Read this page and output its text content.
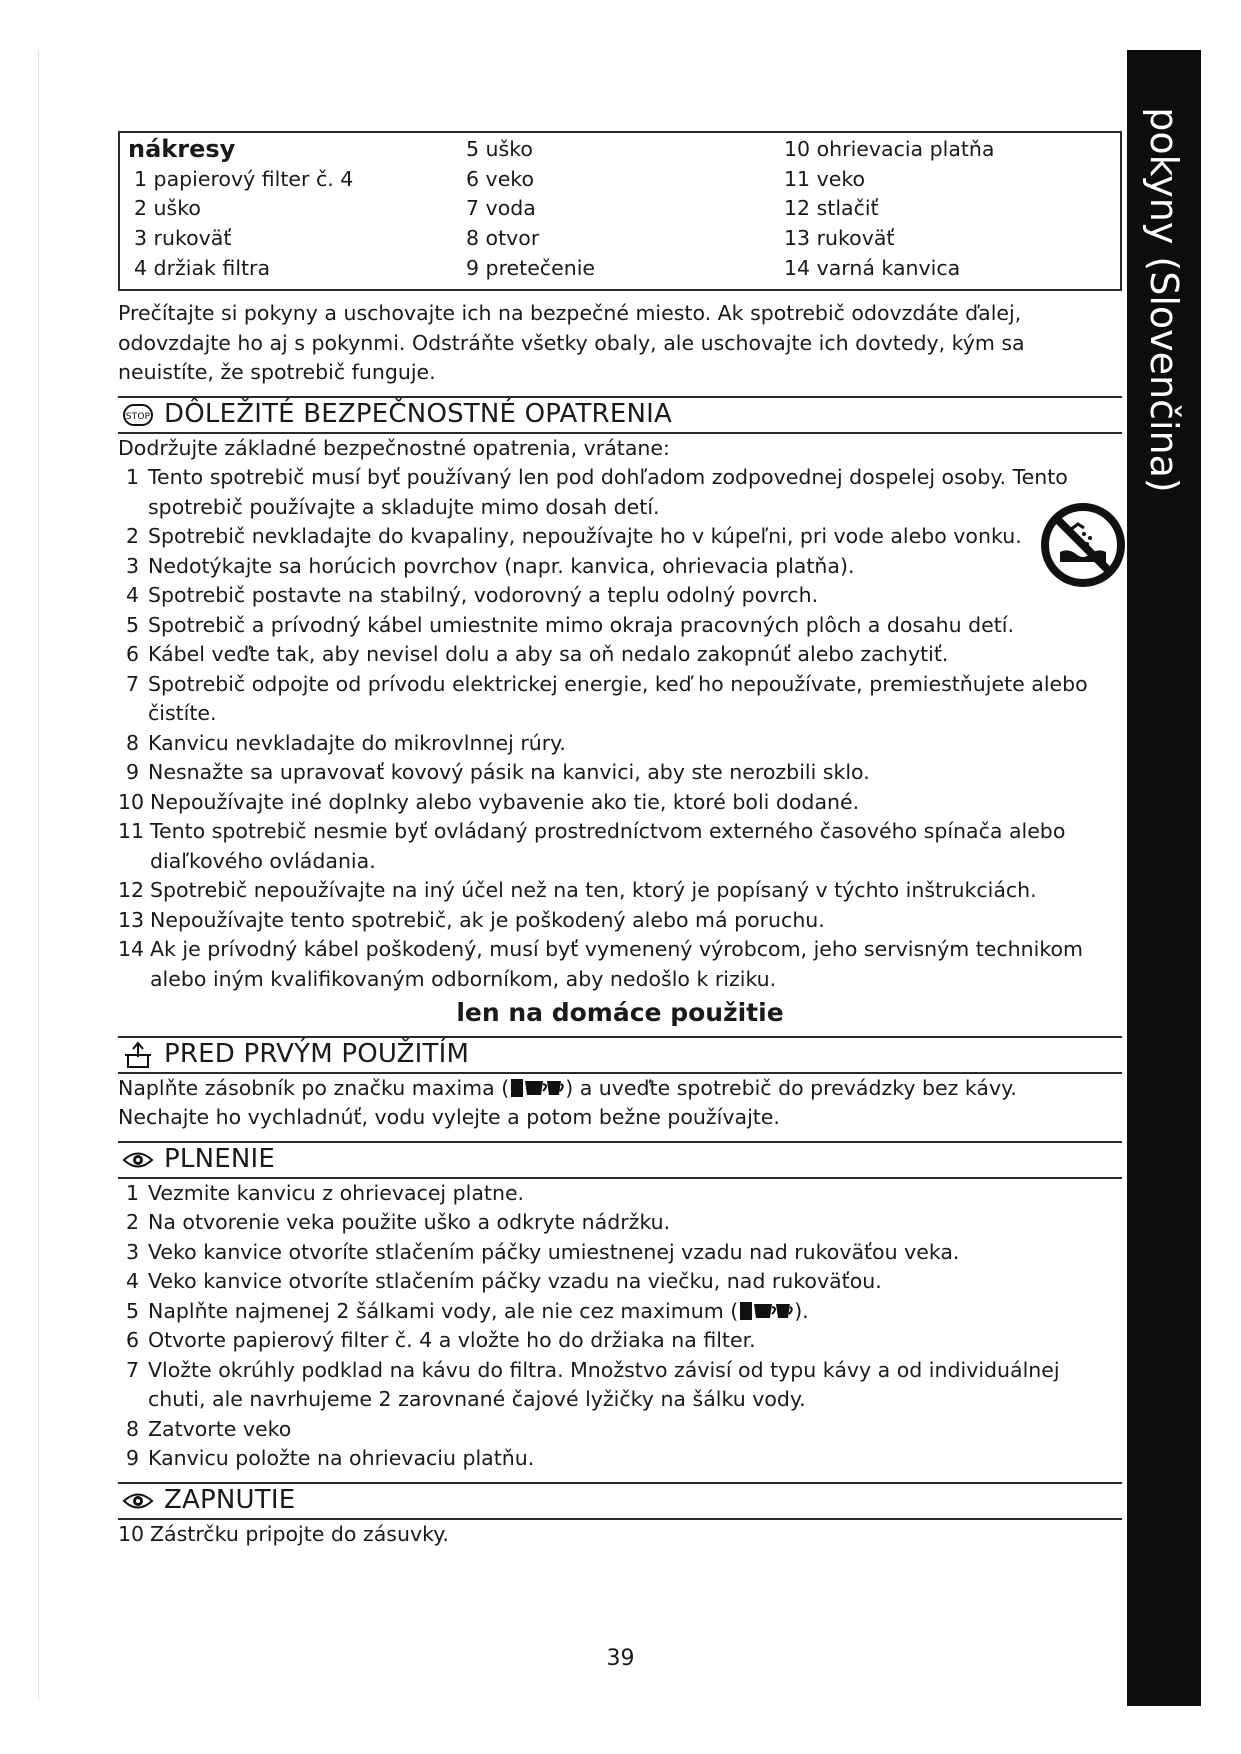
pokyny (Slovenčina)
nákresy
1 papierový filter č. 4
2 uško
3 rukoväť
4 držiak filtra
5 uško
6 veko
7 voda
8 otvor
9 pretečenie
10 ohrievacia platňa
11 veko
12 stlačiť
13 rukoväť
14 varná kanvica
Prečítajte si pokyny a uschovajte ich na bezpečné miesto. Ak spotrebič odovzdáte ďalej, odovzdajte ho aj s pokynmi. Odstráňte všetky obaly, ale uschovajte ich dovtedy, kým sa neuistíte, že spotrebič funguje.
STOP DÔLEŽITÉ BEZPEČNOSTNÉ OPATRENIA
Dodržujte základné bezpečnostné opatrenia, vrátane:
1 Tento spotrebič musí byť používaný len pod dohľadom zodpovednej dospelej osoby. Tento spotrebič používajte a skladujte mimo dosah detí.
2 Spotrebič nevkladajte do kvapaliny, nepoužívajte ho v kúpeľni, pri vode alebo vonku.
3 Nedotýkajte sa horúcich povrchov (napr. kanvica, ohrievacia platňa).
4 Spotrebič postavte na stabilný, vodorovný a teplu odolný povrch.
5 Spotrebič a prívodný kábel umiestnite mimo okraja pracovných plôch a dosahu detí.
6 Kábel veďte tak, aby nevisel dolu a aby sa oň nedalo zakopnúť alebo zachytiť.
7 Spotrebič odpojte od prívodu elektrickej energie, keď ho nepoužívate, premiestňujete alebo čistíte.
8 Kanvicu nevkladajte do mikrovlnnej rúry.
9 Nesnažte sa upravovať kovový pásik na kanvici, aby ste nerozbili sklo.
10 Nepoužívajte iné doplnky alebo vybavenie ako tie, ktoré boli dodané.
11 Tento spotrebič nesmie byť ovládaný prostredníctvom externého časového spínača alebo diaľkového ovládania.
12 Spotrebič nepoužívajte na iný účel než na ten, ktorý je popísaný v týchto inštrukciách.
13 Nepoužívajte tento spotrebič, ak je poškodený alebo má poruchu.
14 Ak je prívodný kábel poškodený, musí byť vymenený výrobcom, jeho servisným technikom alebo iným kvalifikovaným odborníkom, aby nedošlo k riziku.
len na domáce použitie
PRED PRVÝM POUŽITÍM
Naplňte zásobník po značku maxima (	) a uveďte spotrebič do prevádzky bez kávy.
Nechajte ho vychladnúť, vodu vylejte a potom bežne používajte.
PLNENIE
1 Vezmite kanvicu z ohrievacej platne.
2 Na otvorenie veka použite uško a odkryte nádržku.
3 Veko kanvice otvoríte stlačením páčky umiestnenej vzadu nad rukoväťou veka.
4 Veko kanvice otvoríte stlačením páčky vzadu na viečku, nad rukoväťou.
5 Naplňte najmenej 2 šálkami vody, ale nie cez maximum (	).
6 Otvorte papierový filter č. 4 a vložte ho do držiaka na filter.
7 Vložte okrúhly podklad na kávu do filtra. Množstvo závisí od typu kávy a od individuálnej chuti, ale navrhujeme 2 zarovnané čajové lyžičky na šálku vody.
8 Zatvorte veko
9 Kanvicu položte na ohrievaciu platňu.
ZAPNUTIE
10 Zástrčku pripojte do zásuvky.
39
